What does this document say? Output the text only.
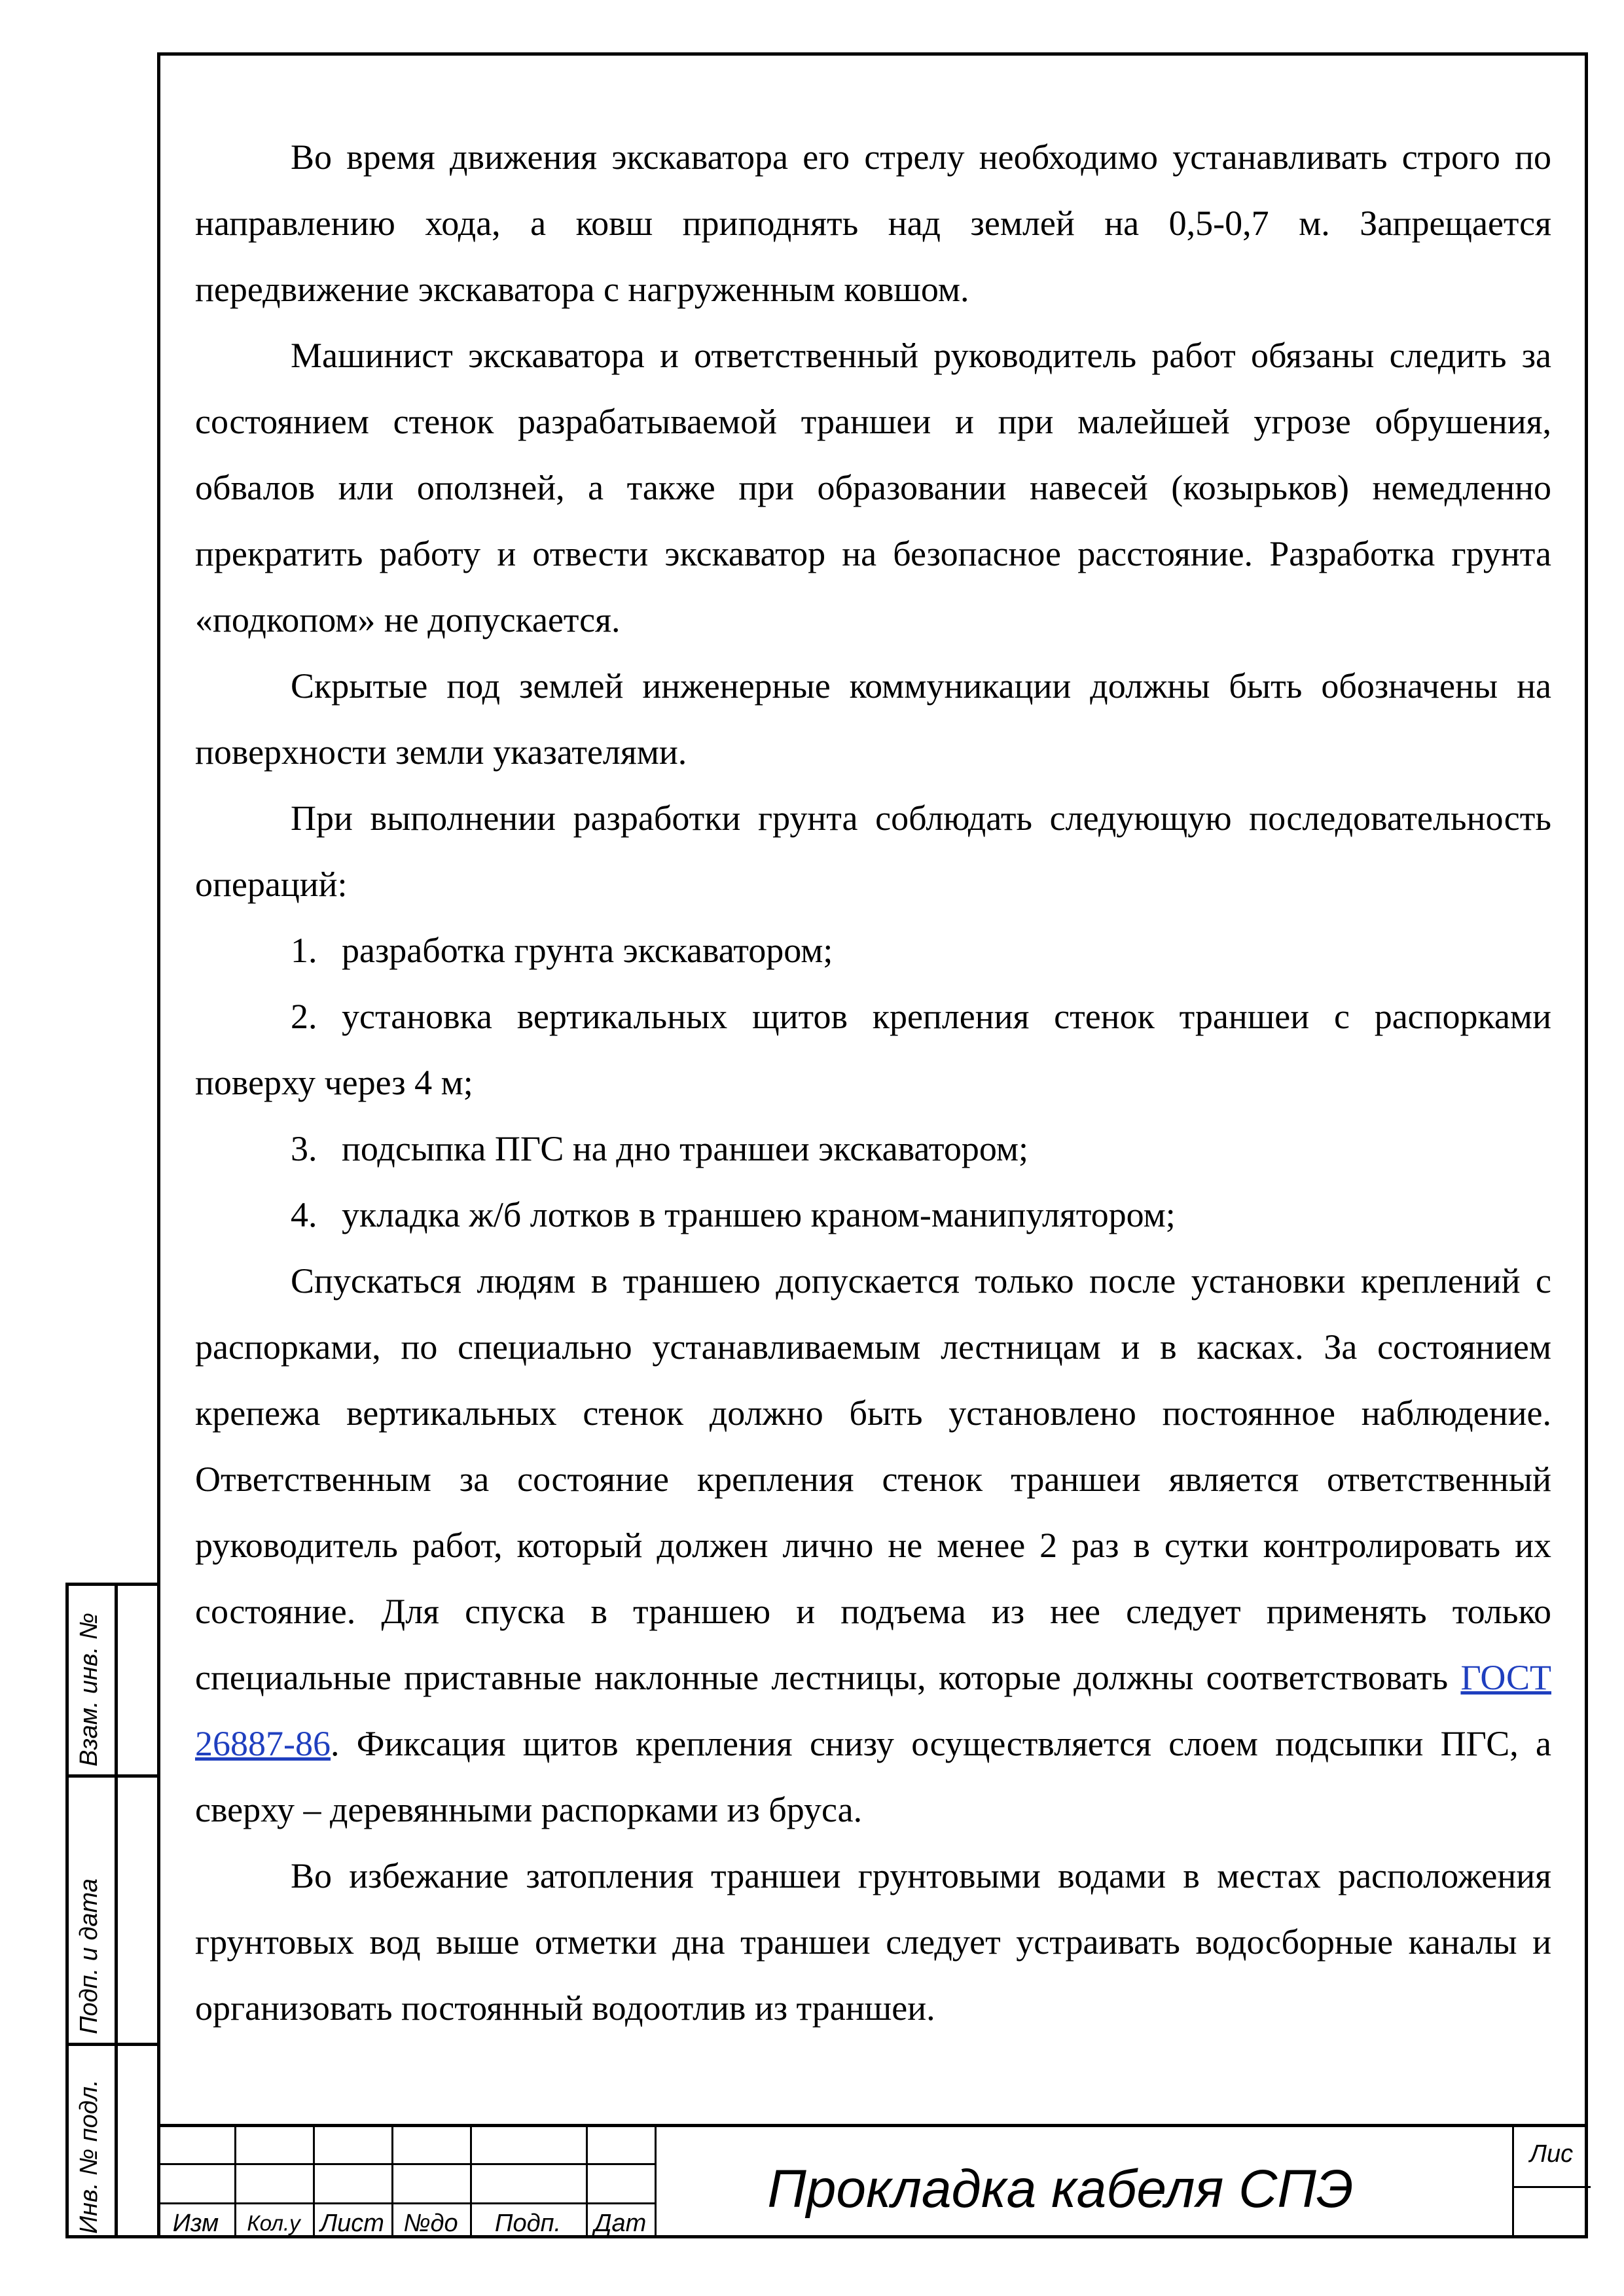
Во время движения экскаватора его стрелу необходимо устанавливать строго по направлению хода, а ковш приподнять над землей на 0,5-0,7 м. Запрещается передвижение экскаватора с нагруженным ковшом.

Машинист экскаватора и ответственный руководитель работ обязаны следить за состоянием стенок разрабатываемой траншеи и при малейшей угрозе обрушения, обвалов или оползней, а также при образовании навесей (козырьков) немедленно прекратить работу и отвести экскаватор на безопасное расстояние. Разработка грунта «подкопом» не допускается.

Скрытые под землей инженерные коммуникации должны быть обозначены на поверхности земли указателями.

При выполнении разработки грунта соблюдать следующую последовательность операций:

1. разработка грунта экскаватором;

2. установка вертикальных щитов крепления стенок траншеи с распорками поверху через 4 м;

3. подсыпка ПГС на дно траншеи экскаватором;

4. укладка ж/б лотков в траншею краном-манипулятором;

Спускаться людям в траншею допускается только после установки креплений с распорками, по специально устанавливаемым лестницам и в касках. За состоянием крепежа вертикальных стенок должно быть установлено постоянное наблюдение. Ответственным за состояние крепления стенок траншеи является ответственный руководитель работ, который должен лично не менее 2 раз в сутки контролировать их состояние. Для спуска в траншею и подъема из нее следует применять только специальные приставные наклонные лестницы, которые должны соответствовать ГОСТ 26887-86. Фиксация щитов крепления снизу осуществляется слоем подсыпки ПГС, а сверху – деревянными распорками из бруса.

Во избежание затопления траншеи грунтовыми водами в местах расположения грунтовых вод выше отметки дна траншеи следует устраивать водосборные каналы и организовать постоянный водоотлив из траншеи.

Взам. инв. №
Подп. и дата
Инв. № подл.	Изм	Кол.у Лист №до	Подп.	Дат
Прокладка кабеля СПЭ
Лис
